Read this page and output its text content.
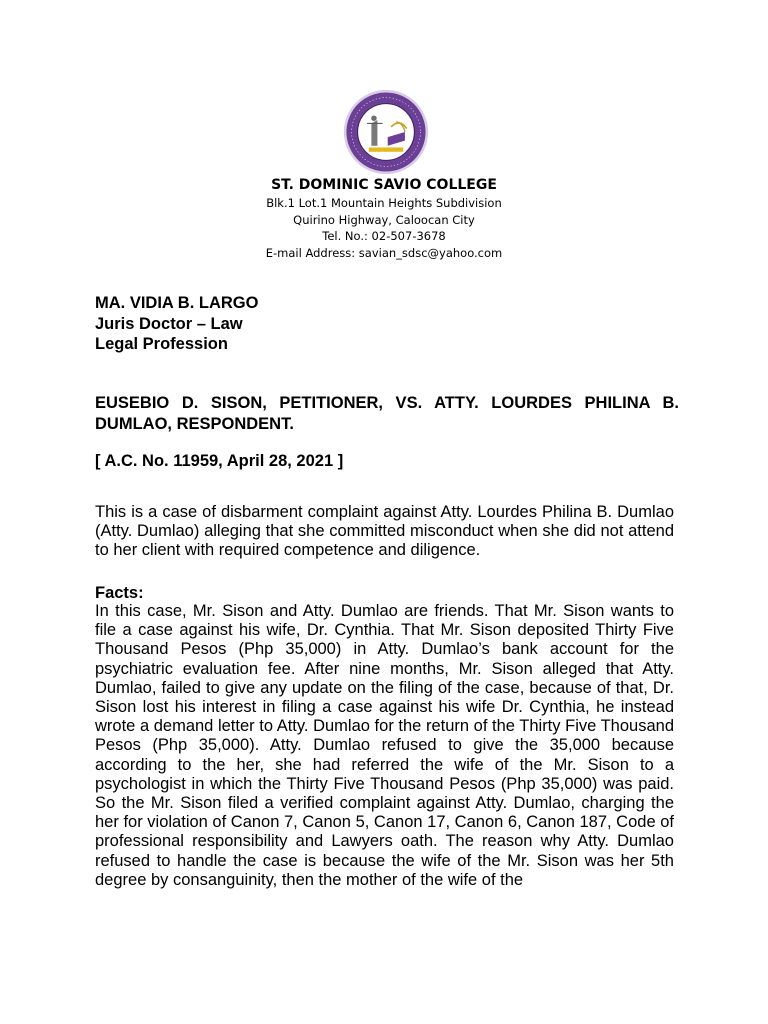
ST. DOMINIC SAVIO COLLEGE

Blk.1 Lot.1 Mountain Heights Subdivision

Quirino Highway, Caloocan City

Tel. No.: 02-507-3678

E-mail Address: savian_sdsc@yahoo.com

MA. VIDIA B. LARGO
Juris Doctor – Law
Legal Profession
EUSEBIO D. SISON, PETITIONER, VS. ATTY. LOURDES PHILINA B. DUMLAO, RESPONDENT.
[ A.C. No. 11959, April 28, 2021 ]
This is a case of disbarment complaint against Atty. Lourdes Philina B. Dumlao (Atty. Dumlao) alleging that she committed misconduct when she did not attend to her client with required competence and diligence.
Facts:
In this case, Mr. Sison and Atty. Dumlao are friends. That Mr. Sison wants to file a case against his wife, Dr. Cynthia. That Mr. Sison deposited Thirty Five Thousand Pesos (Php 35,000) in Atty. Dumlao’s bank account for the psychiatric evaluation fee. After nine months, Mr. Sison alleged that Atty. Dumlao, failed to give any update on the filing of the case, because of that, Dr. Sison lost his interest in filing a case against his wife Dr. Cynthia, he instead wrote a demand letter to Atty. Dumlao for the return of the Thirty Five Thousand Pesos (Php 35,000). Atty. Dumlao refused to give the 35,000 because according to the her, she had referred the wife of the Mr. Sison to a psychologist in which the Thirty Five Thousand Pesos (Php 35,000) was paid. So the Mr. Sison filed a verified complaint against Atty. Dumlao, charging the her for violation of Canon 7, Canon 5, Canon 17, Canon 6, Canon 187, Code of professional responsibility and Lawyers oath. The reason why Atty. Dumlao refused to handle the case is because the wife of the Mr. Sison was her 5th degree by consanguinity, then the mother of the wife of the
